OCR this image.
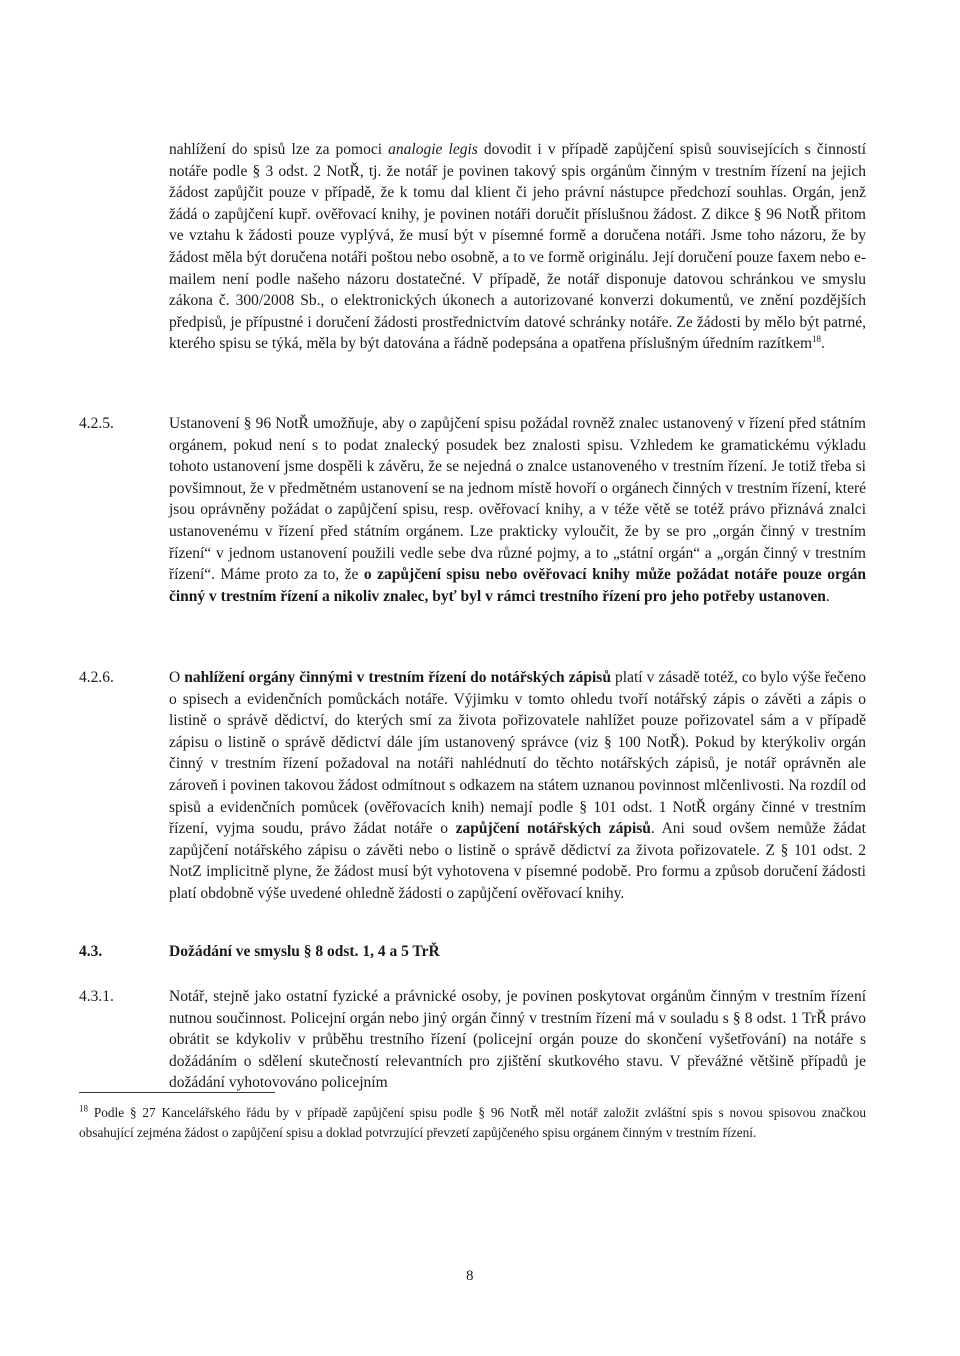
nahlížení do spisů lze za pomoci analogie legis dovodit i v případě zapůjčení spisů souvisejících s činností notáře podle § 3 odst. 2 NotŘ, tj. že notář je povinen takový spis orgánům činným v trestním řízení na jejich žádost zapůjčit pouze v případě, že k tomu dal klient či jeho právní nástupce předchozí souhlas. Orgán, jenž žádá o zapůjčení kupř. ověřovací knihy, je povinen notáři doručit příslušnou žádost. Z dikce § 96 NotŘ přitom ve vztahu k žádosti pouze vyplývá, že musí být v písemné formě a doručena notáři. Jsme toho názoru, že by žádost měla být doručena notáři poštou nebo osobně, a to ve formě originálu. Její doručení pouze faxem nebo e-mailem není podle našeho názoru dostatečné. V případě, že notář disponuje datovou schránkou ve smyslu zákona č. 300/2008 Sb., o elektronických úkonech a autorizované konverzi dokumentů, ve znění pozdějších předpisů, je přípustné i doručení žádosti prostřednictvím datové schránky notáře. Ze žádosti by mělo být patrné, kterého spisu se týká, měla by být datována a řádně podepsána a opatřena příslušným úředním razítkem$^{18}$.

4.2.5.	Ustanovení § 96 NotŘ umožňuje, aby o zapůjčení spisu požádal rovněž znalec ustanovený v řízení před státním orgánem, pokud není s to podat znalecký posudek bez znalosti spisu. Vzhledem ke gramatickému výkladu tohoto ustanovení jsme dospěli k závěru, že se nejedná o znalce ustanoveného v trestním řízení. Je totiž třeba si povšimnout, že v předmětném ustanovení se na jednom místě hovoří o orgánech činných v trestním řízení, které jsou oprávněny požádat o zapůjčení spisu, resp. ověřovací knihy, a v téže větě se totéž právo přiznává znalci ustanovenému v řízení před státním orgánem. Lze prakticky vyloučit, že by se pro „orgán činný v trestním řízení“ v jednom ustanovení použili vedle sebe dva různé pojmy, a to „státní orgán“ a „orgán činný v trestním řízení“. Máme proto za to, že o zapůjčení spisu nebo ověřovací knihy může požádat notáře pouze orgán činný v trestním řízení a nikoliv znalec, byť byl v rámci trestního řízení pro jeho potřeby ustanoven.

4.2.6.	O nahlížení orgány činnými v trestním řízení do notářských zápisů platí v zásadě totéž, co bylo výše řečeno o spisech a evidenčních pomůckách notáře. Výjimku v tomto ohledu tvoří notářský zápis o závěti a zápis o listině o správě dědictví, do kterých smí za života pořizovatele nahlížet pouze pořizovatel sám a v případě zápisu o listině o správě dědictví dále jím ustanovený správce (viz § 100 NotŘ). Pokud by kterýkoliv orgán činný v trestním řízení požadoval na notáři nahlédnutí do těchto notářských zápisů, je notář oprávněn ale zároveň i povinen takovou žádost odmítnout s odkazem na státem uznanou povinnost mlčenlivosti. Na rozdíl od spisů a evidenčních pomůcek (ověřovacích knih) nemají podle § 101 odst. 1 NotŘ orgány činné v trestním řízení, vyjma soudu, právo žádat notáře o zapůjčení notářských zápisů. Ani soud ovšem nemůže žádat zapůjčení notářského zápisu o závěti nebo o listině o správě dědictví za života pořizovatele. Z § 101 odst. 2 NotZ implicitně plyne, že žádost musí být vyhotovena v písemné podobě. Pro formu a způsob doručení žádosti platí obdobně výše uvedené ohledně žádosti o zapůjčení ověřovací knihy.

4.3.	Dožádání ve smyslu § 8 odst. 1, 4 a 5 TrŘ

4.3.1.	Notář, stejně jako ostatní fyzické a právnické osoby, je povinen poskytovat orgánům činným v trestním řízení nutnou součinnost. Policejní orgán nebo jiný orgán činný v trestním řízení má v souladu s § 8 odst. 1 TrŘ právo obrátit se kdykoliv v průběhu trestního řízení (policejní orgán pouze do skončení vyšetřování) na notáře s dožádáním o sdělení skutečností relevantních pro zjištění skutkového stavu. V převážné většině případů je dožádání vyhotovováno policejním

$^{18}$ Podle § 27 Kancelářského řádu by v případě zapůjčení spisu podle § 96 NotŘ měl notář založit zvláštní spis s novou spisovou značkou obsahující zejména žádost o zapůjčení spisu a doklad potvrzující převzetí zapůjčeného spisu orgánem činným v trestním řízení.

8
